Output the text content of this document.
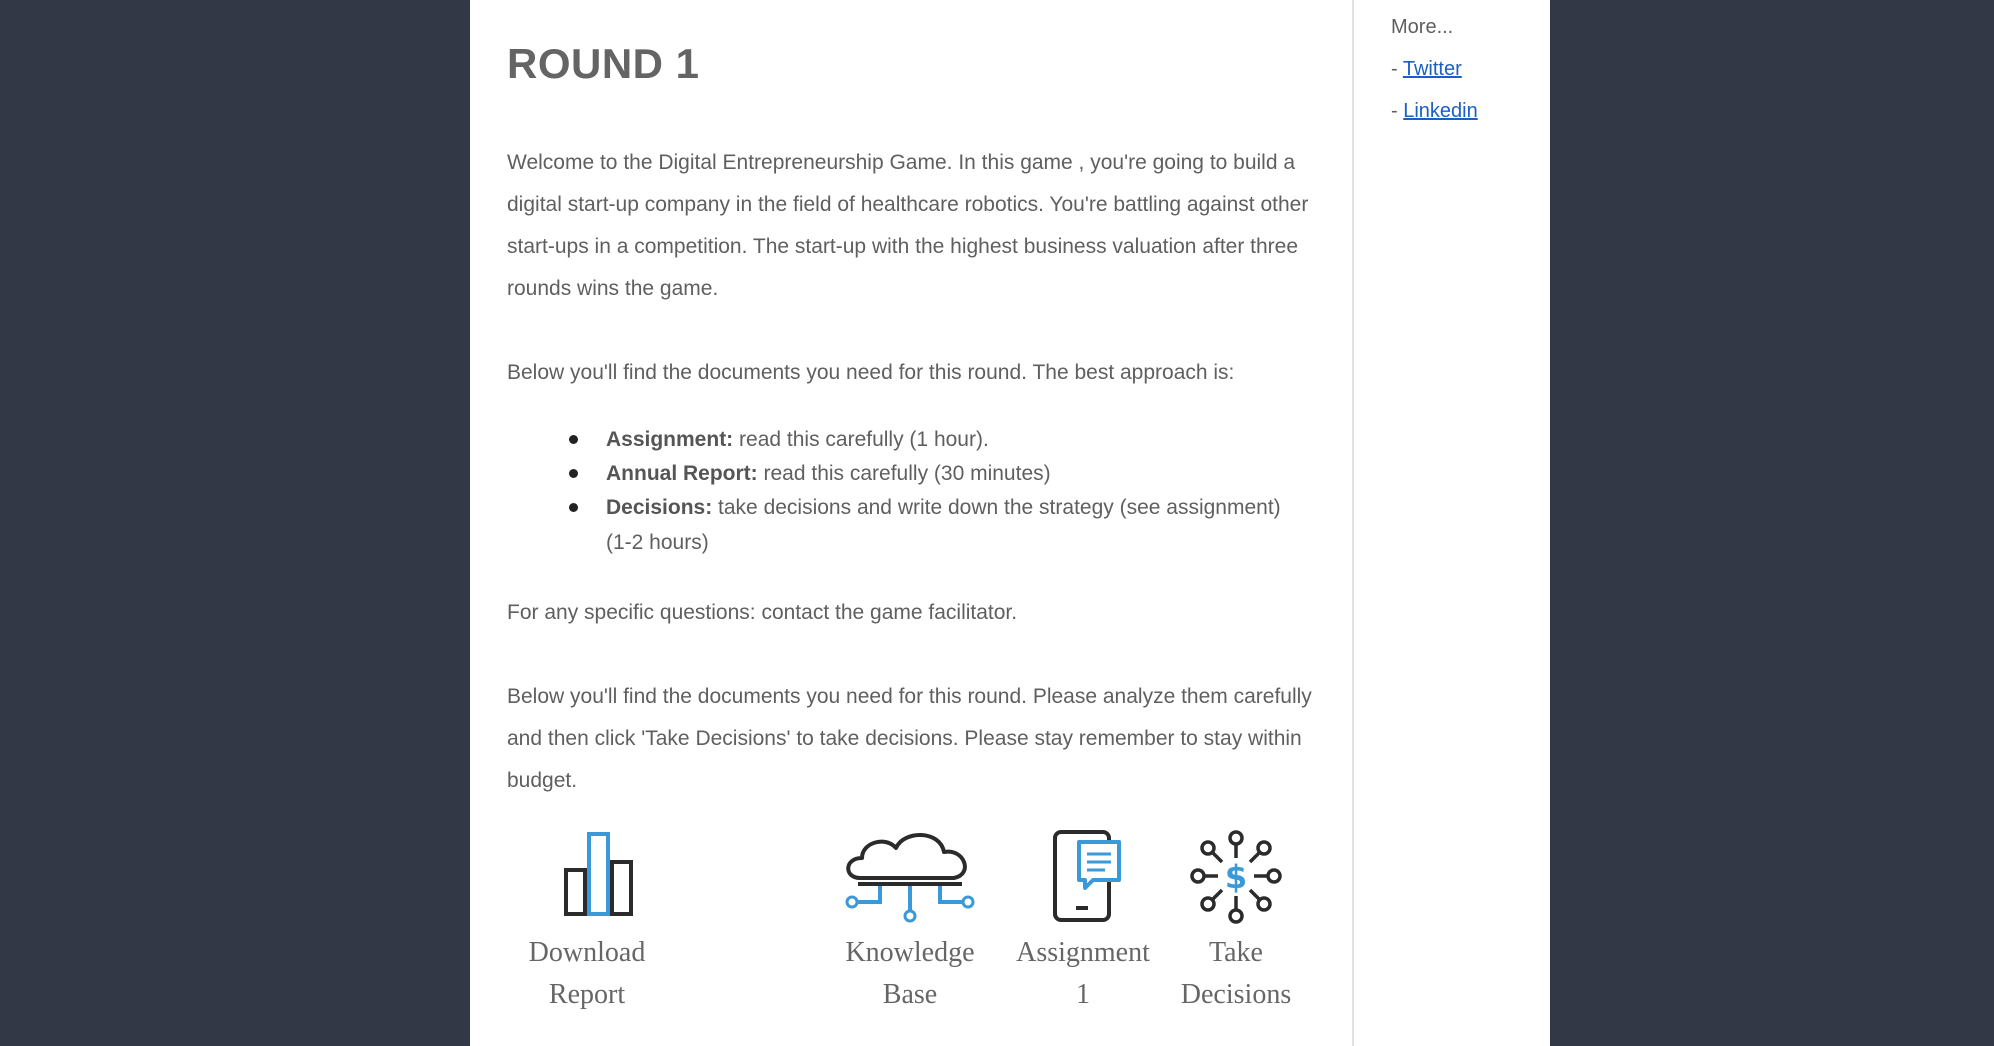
ROUND 1

Welcome to the Digital Entrepreneurship Game. In this game , you're going to build a digital start-up company in the field of healthcare robotics. You're battling against other start-ups in a competition. The start-up with the highest business valuation after three rounds wins the game.

Below you'll find the documents you need for this round. The best approach is:

Assignment: read this carefully (1 hour).
Annual Report: read this carefully (30 minutes)
Decisions: take decisions and write down the strategy (see assignment) (1-2 hours)

For any specific questions: contact the game facilitator.

Below you'll find the documents you need for this round. Please analyze them carefully and then click 'Take Decisions' to take decisions. Please stay remember to stay within budget.

Download Report
Knowledge Base
Assignment 1
$
Take Decisions
More...
- Twitter
- Linkedin
